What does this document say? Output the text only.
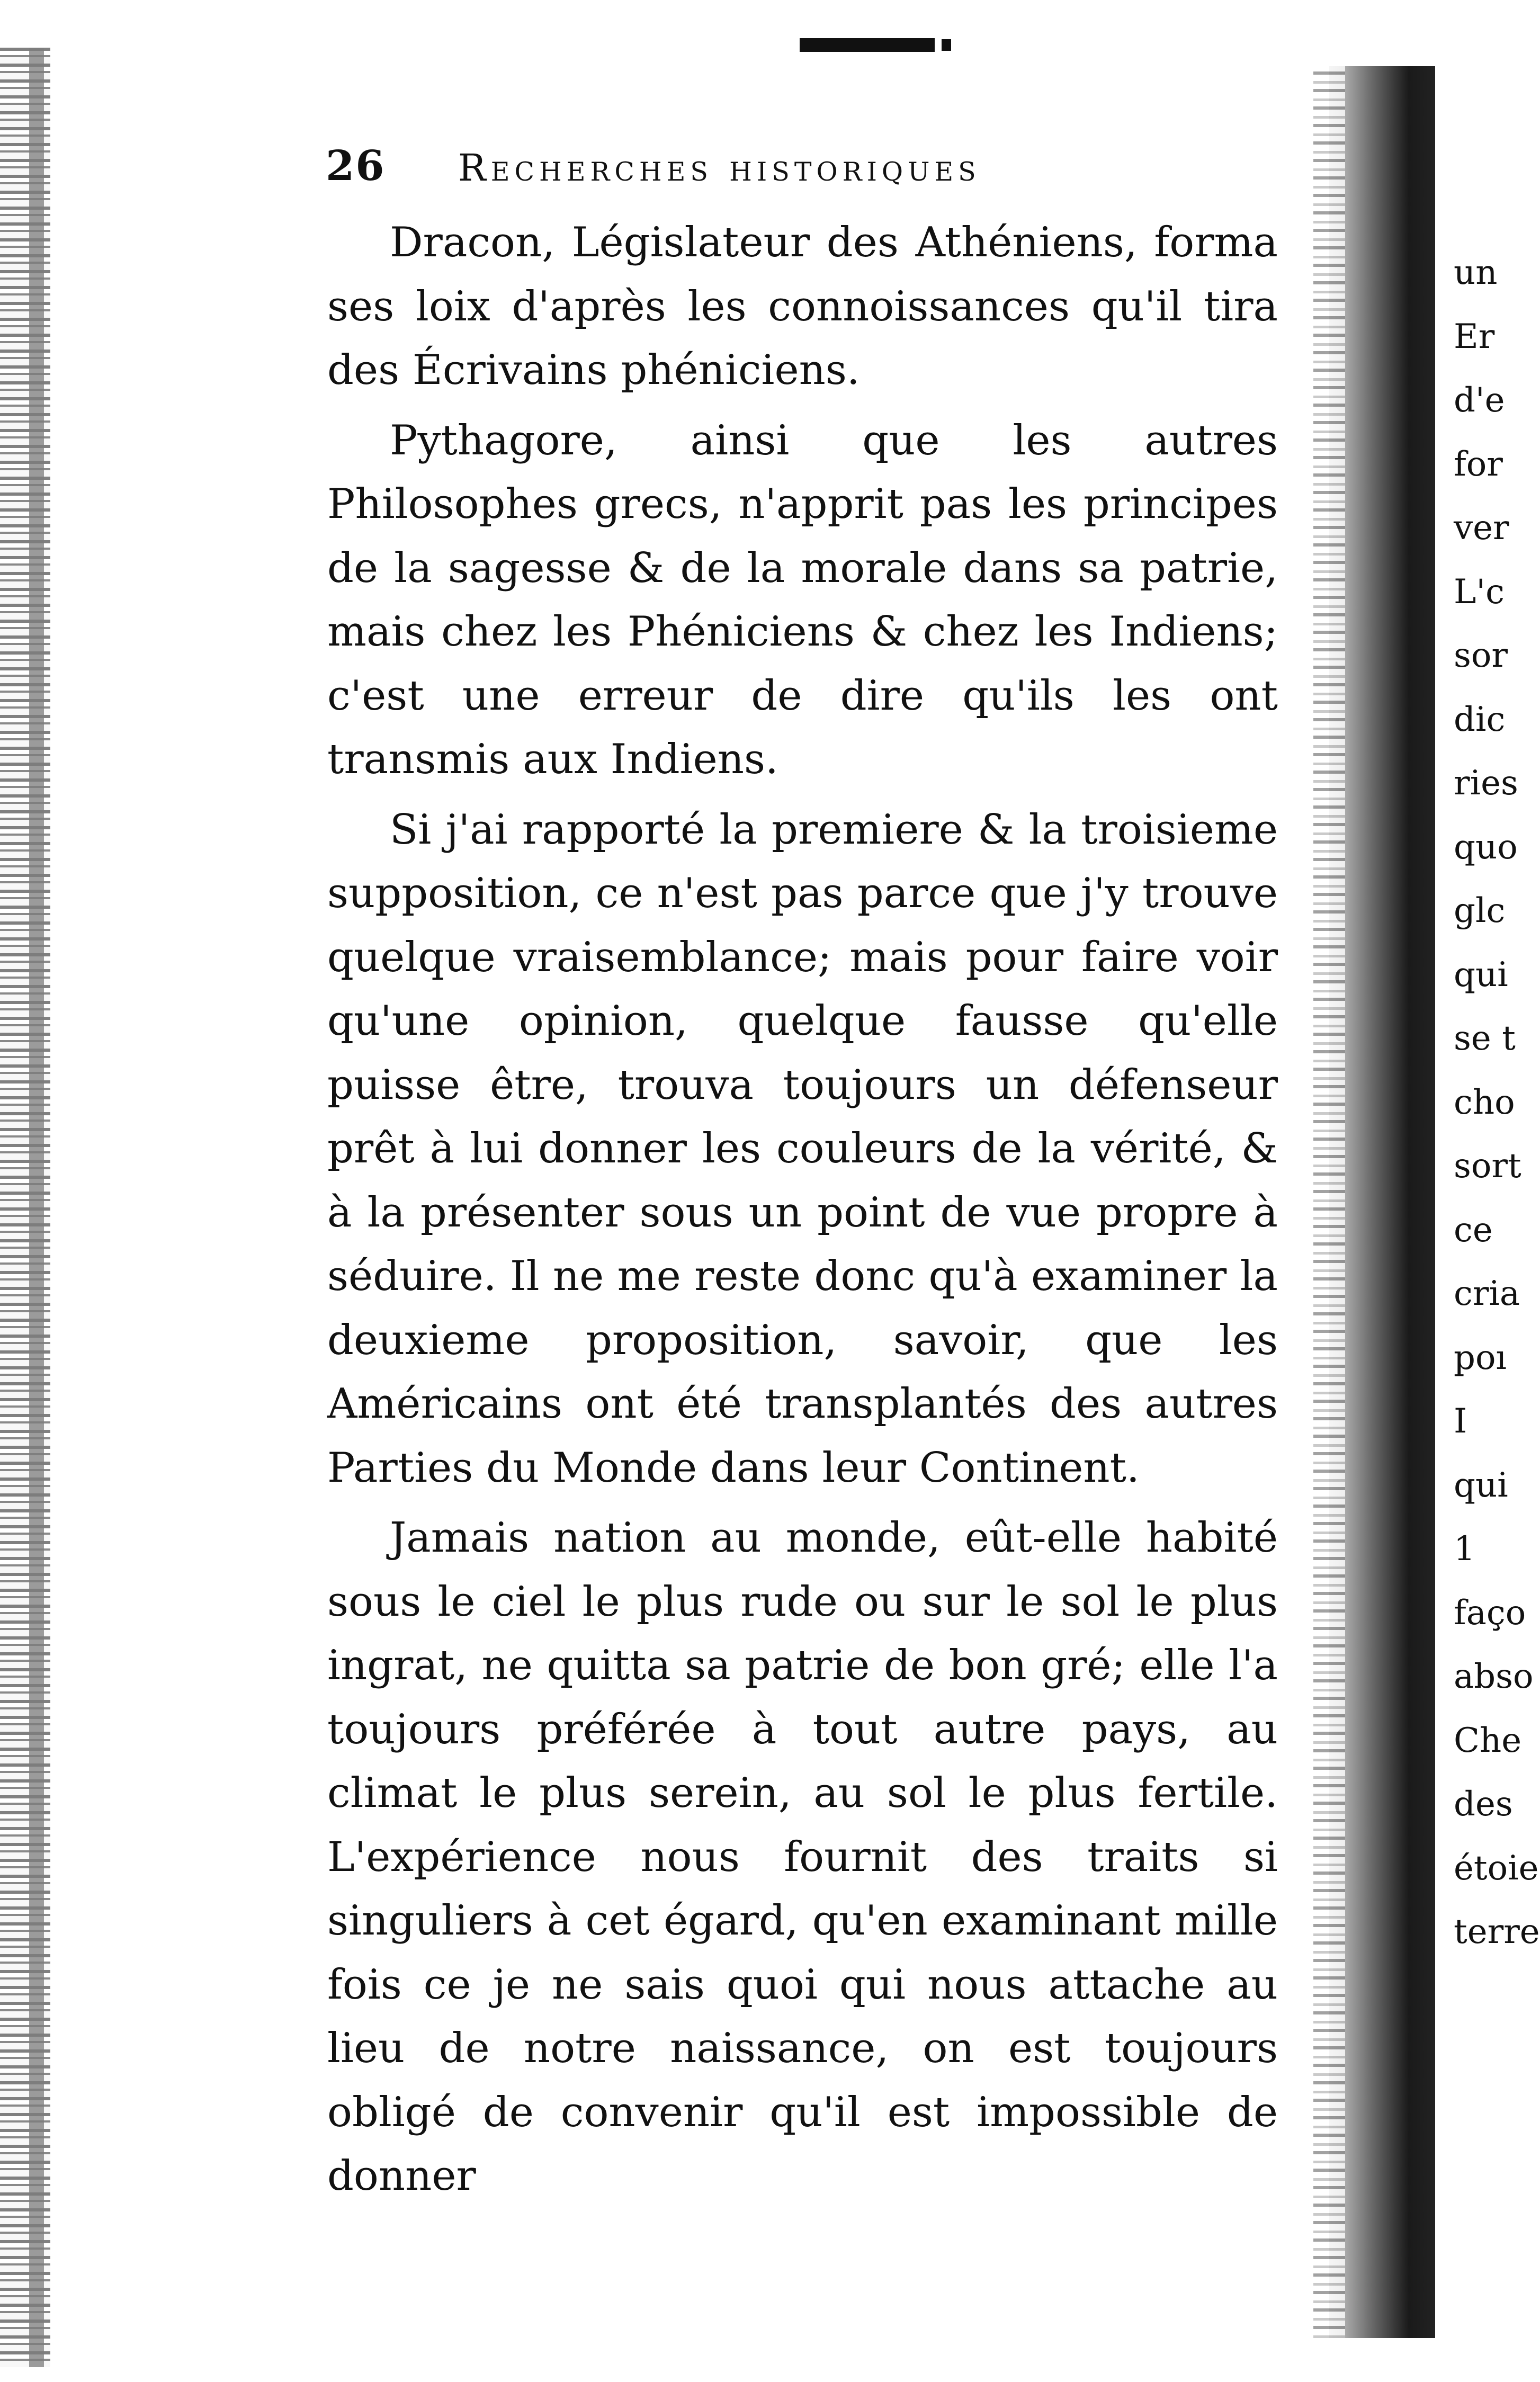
26 Recherches historiques

Dracon, Législateur des Athéniens, forma ses loix d'après les connoissances qu'il tira des Écrivains phéniciens.

Pythagore, ainsi que les autres Philosophes grecs, n'apprit pas les principes de la sagesse & de la morale dans sa patrie, mais chez les Phéniciens & chez les Indiens; c'est une erreur de dire qu'ils les ont transmis aux Indiens.

Si j'ai rapporté la premiere & la troisieme supposition, ce n'est pas parce que j'y trouve quelque vraisemblance; mais pour faire voir qu'une opinion, quelque fausse qu'elle puisse être, trouva toujours un défenseur prêt à lui donner les couleurs de la vérité, & à la présenter sous un point de vue propre à séduire. Il ne me reste donc qu'à examiner la deuxieme proposition, savoir, que les Américains ont été transplantés des autres Parties du Monde dans leur Continent.

Jamais nation au monde, eût-elle habité sous le ciel le plus rude ou sur le sol le plus ingrat, ne quitta sa patrie de bon gré; elle l'a toujours préférée à tout autre pays, au climat le plus serein, au sol le plus fertile. L'expérience nous fournit des traits si singuliers à cet égard, qu'en examinant mille fois ce je ne sais quoi qui nous attache au lieu de notre naissance, on est toujours obligé de convenir qu'il est impossible de donner

un
Er
d'e
for
ver
L'c
sor
dic
ries
quo
glc
qui
se t
cho
sort
ce
cria
poı
I
qui
1
faço
abso
Che
des
étoie
terre
